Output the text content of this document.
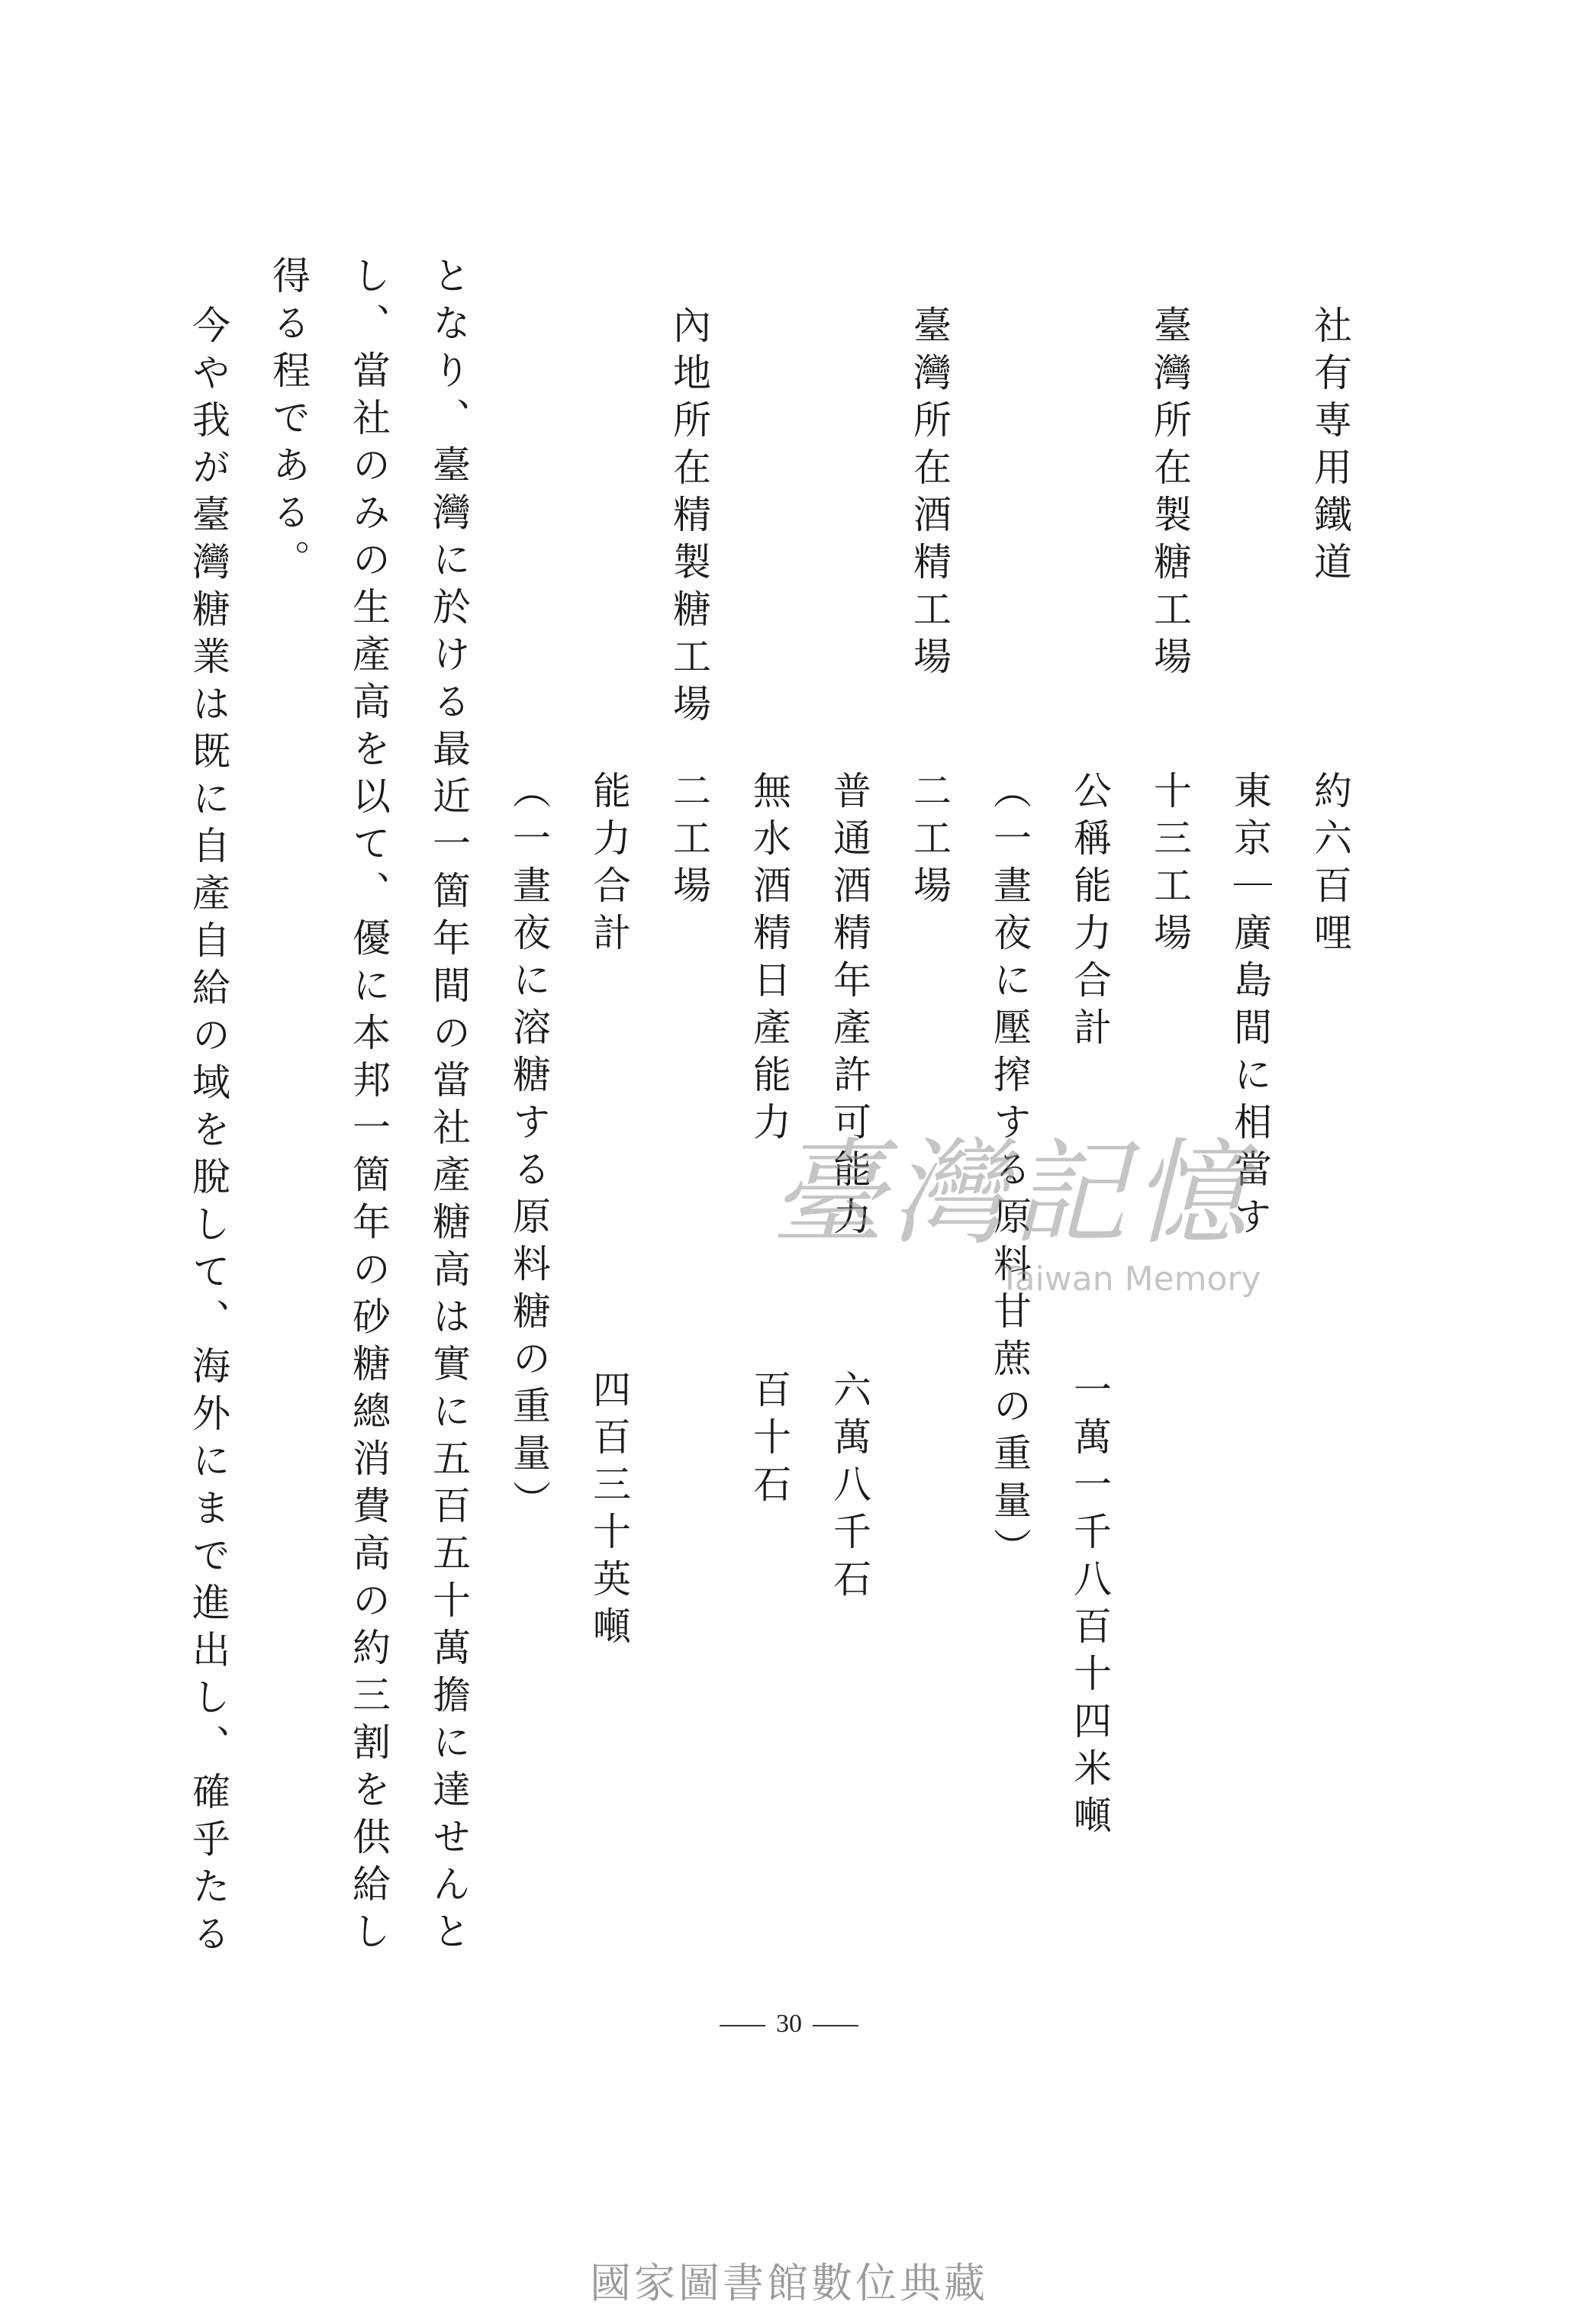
社有専用鐵道
約六百哩
東京｜廣島間に相當す
臺灣所在製糖工場
十三工場
公稱能力合計
一萬一千八百十四米噸
（一晝夜に壓搾する原料甘蔗の重量）
臺灣所在酒精工場
二工場
普通酒精年產許可能力
六萬八千石
無水酒精日產能力
百十石
內地所在精製糖工場
二工場
能力合計
四百三十英噸
（一晝夜に溶糖する原料糖の重量）
となり、臺灣に於ける最近一箇年間の當社產糖高は實に五百五十萬擔に達せんと
し、當社のみの生產高を以て、優に本邦一箇年の砂糖總消費高の約三割を供給し
得る程である。
今や我が臺灣糖業は既に自產自給の域を脫して、海外にまで進出し、確乎たる	臺灣記憶
Taiwan Memory
30
國家圖書館數位典藏
